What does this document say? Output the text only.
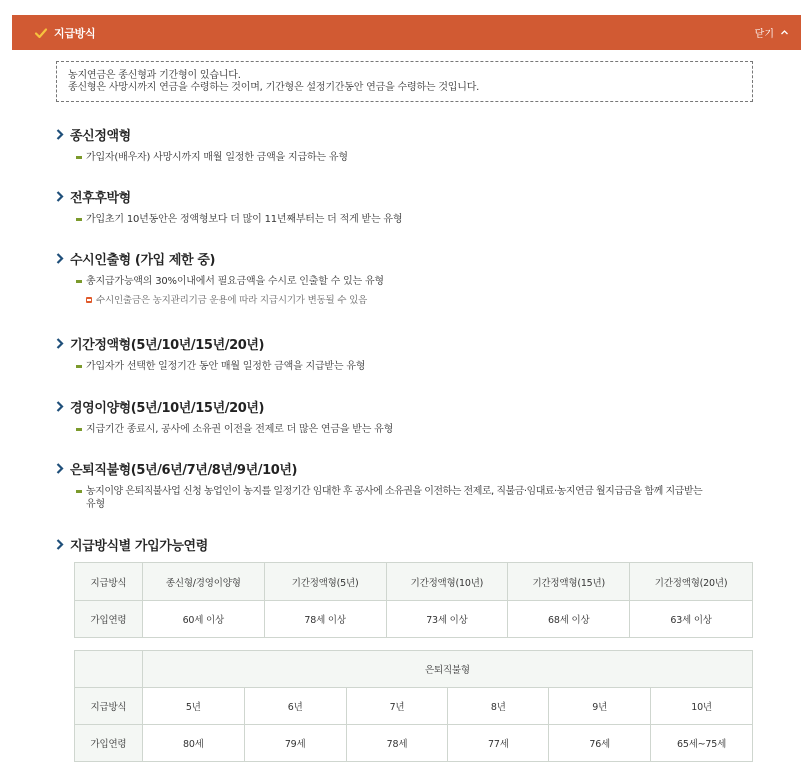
지급방식	닫기
농지연금은 종신형과 기간형이 있습니다.
종신형은 사망시까지 연금을 수령하는 것이며, 기간형은 설정기간동안 연금을 수령하는 것입니다.
종신정액형
가입자(배우자) 사망시까지 매월 일정한 금액을 지급하는 유형
전후후박형
가입초기 10년동안은 정액형보다 더 많이 11년째부터는 더 적게 받는 유형
수시인출형 (가입 제한 중)
총지급가능액의 30%이내에서 필요금액을 수시로 인출할 수 있는 유형
수시인출금은 농지관리기금 운용에 따라 지급시기가 변동될 수 있음
기간정액형(5년/10년/15년/20년)
가입자가 선택한 일정기간 동안 매월 일정한 금액을 지급받는 유형
경영이양형(5년/10년/15년/20년)
지급기간 종료시, 공사에 소유권 이전을 전제로 더 많은 연금을 받는 유형
은퇴직불형(5년/6년/7년/8년/9년/10년)
농지이양 은퇴직불사업 신청 농업인이 농지를 일정기간 임대한 후 공사에 소유권을 이전하는 전제로, 직불금·임대료·농지연금 월지급금을 함께 지급받는
유형
지급방식별 가입가능연령
지급방식	종신형/경영이양형	기간정액형(5년)	기간정액형(10년)	기간정액형(15년)	기간정액형(20년)
가입연령	60세 이상	78세 이상	73세 이상	68세 이상	63세 이상
	은퇴직불형					
지급방식	5년	6년	7년	8년	9년	10년
가입연령	80세	79세	78세	77세	76세	65세~75세
